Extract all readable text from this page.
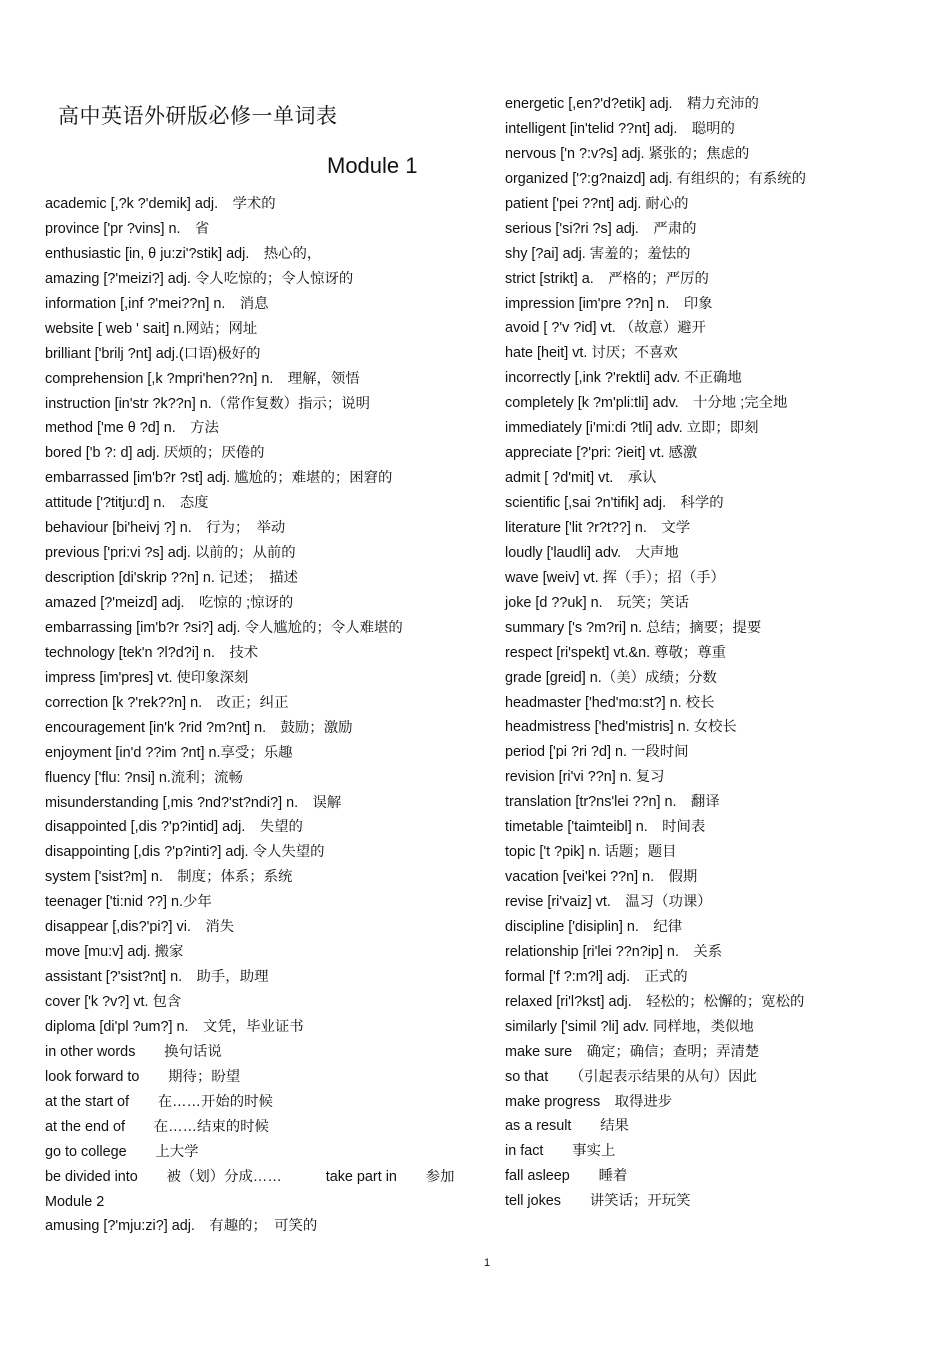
高中英语外研版必修一单词表
Module 1
academic [,?k ?'demik] adj.　学术的
province ['pr ?vins] n.　省
enthusiastic [in, θ ju:zi'?stik] adj.　热心的，
amazing [?'meizi?] adj. 令人吃惊的；令人惊讶的
information [,inf ?'mei??n] n.　消息
website [ web ' sait] n.网站；网址
brilliant ['brilj ?nt] adj.(口语)极好的
comprehension [,k ?mpri'hen??n] n.　理解，领悟
instruction [in'str ?k??n] n.（常作复数）指示；说明
method ['me θ ?d] n.　方法
bored ['b ?: d] adj. 厌烦的；厌倦的
embarrassed [im'b?r ?st] adj. 尴尬的；难堪的；困窘的
attitude ['?titju:d] n.　态度
behaviour [bi'heivj ?] n.　行为；　举动
previous ['pri:vi ?s] adj. 以前的；从前的
description [di'skrip ??n] n. 记述；　描述
amazed [?'meizd] adj.　吃惊的 ;惊讶的
embarrassing [im'b?r ?si?] adj. 令人尴尬的；令人难堪的
technology [tek'n ?l?d?i] n.　技术
impress [im'pres] vt. 使印象深刻
correction [k ?'rek??n] n.　改正；纠正
encouragement [in'k ?rid ?m?nt] n.　鼓励；激励
enjoyment [in'd ??im ?nt] n.享受；乐趣
fluency ['flu: ?nsi] n.流利；流畅
misunderstanding [,mis ?nd?'st?ndi?] n.　误解
disappointed [,dis ?'p?intid] adj.　失望的
disappointing [,dis ?'p?inti?] adj. 令人失望的
system ['sist?m] n.　制度；体系；系统
teenager ['ti:nid ??] n.少年
disappear [,dis?'pi?] vi.　消失
move [mu:v] adj. 搬家
assistant [?'sist?nt] n.　助手，助理
cover ['k ?v?] vt. 包含
diploma [di'pl ?um?] n.　文凭，毕业证书
in other words　　换句话说
look forward to　　期待；盼望
at the start of　　在……开始的时候
at the end of　　在……结束的时候
go to college　　上大学
be divided into　　被（划）分成……	take part in　　参加
Module 2
amusing [?'mju:zi?] adj.　有趣的；　可笑的
energetic [,en?'d?etik] adj.　精力充沛的
intelligent [in'telid ??nt] adj.　聪明的
nervous ['n ?:v?s] adj. 紧张的；焦虑的
organized ['?:g?naizd] adj. 有组织的；有系统的
patient ['pei ??nt] adj. 耐心的
serious ['si?ri ?s] adj.　严肃的
shy [?ai] adj. 害羞的；羞怯的
strict [strikt] a.　严格的；严厉的
impression [im'pre ??n] n.　印象
avoid [ ?'v ?id] vt. （故意）避开
hate [heit] vt. 讨厌；不喜欢
incorrectly [,ink ?'rektli] adv. 不正确地
completely [k ?m'pli:tli] adv.　十分地 ;完全地
immediately [i'mi:di ?tli] adv. 立即；即刻
appreciate [?'pri: ?ieit] vt. 感激
admit [ ?d'mit] vt.　承认
scientific [,sai ?n'tifik] adj.　科学的
literature ['lit ?r?t??] n.　文学
loudly ['laudli] adv.　大声地
wave [weiv] vt. 挥（手）；招（手）
joke [d ??uk] n.　玩笑；笑话
summary ['s ?m?ri] n. 总结；摘要；提要
respect [ri'spekt] vt.&n. 尊敬；尊重
grade [greid] n.（美）成绩；分数
headmaster ['hed'mɑ:st?] n. 校长
headmistress ['hed'mistris] n. 女校长
period ['pi ?ri ?d] n. 一段时间
revision [ri'vi ??n] n. 复习
translation [tr?ns'lei ??n] n.　翻译
timetable ['taimteibl] n.　时间表
topic ['t ?pik] n. 话题；题目
vacation [vei'kei ??n] n.　假期
revise [ri'vaiz] vt.　温习（功课）
discipline ['disiplin] n.　纪律
relationship [ri'lei ??n?ip] n.　关系
formal ['f ?:m?l] adj.　正式的
relaxed [ri'l?kst] adj.　轻松的；松懈的；宽松的
similarly ['simil ?li] adv. 同样地，类似地
make sure　确定；确信；查明；弄清楚
so that　　（引起表示结果的从句）因此
make progress　取得进步
as a result　　结果
in fact　　事实上
fall asleep　　睡着
tell jokes　　讲笑话；开玩笑
1
